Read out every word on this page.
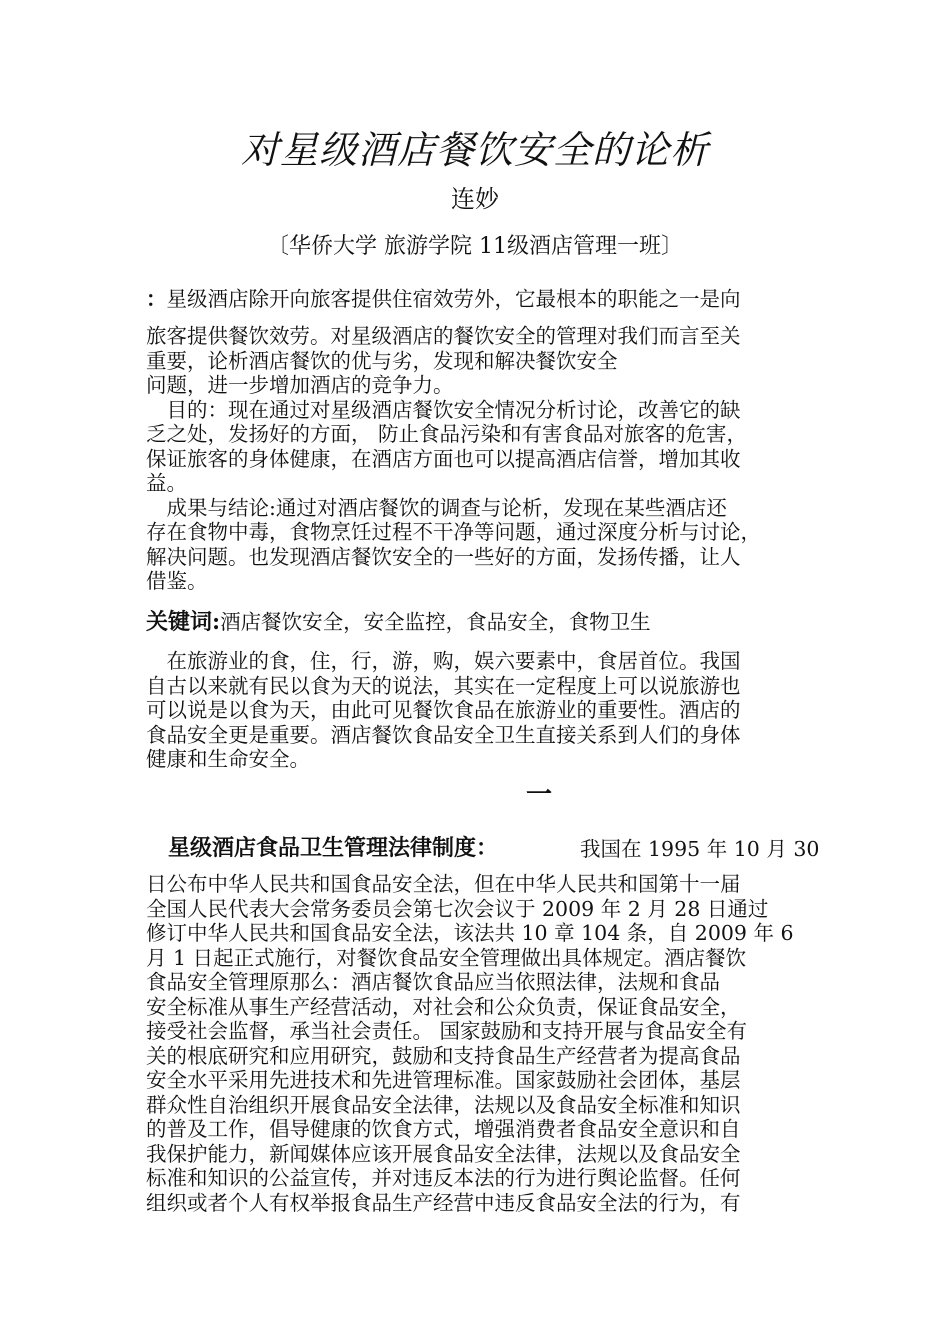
对星级酒店餐饮安全的论析
连妙
〔华侨大学 旅游学院 11级酒店管理一班〕
：星级酒店除开向旅客提供住宿效劳外，它最根本的职能之一是向
旅客提供餐饮效劳。对星级酒店的餐饮安全的管理对我们而言至关
重要，论析酒店餐饮的优与劣，发现和解决餐饮安全
问题，进一步增加酒店的竞争力。
　目的：现在通过对星级酒店餐饮安全情况分析讨论，改善它的缺
乏之处，发扬好的方面， 防止食品污染和有害食品对旅客的危害，
保证旅客的身体健康，在酒店方面也可以提高酒店信誉，增加其收
益。
　成果与结论:通过对酒店餐饮的调查与论析，发现在某些酒店还
存在食物中毒，食物烹饪过程不干净等问题，通过深度分析与讨论，
解决问题。也发现酒店餐饮安全的一些好的方面，发扬传播，让人
借鉴。
关键词:酒店餐饮安全，安全监控，食品安全，食物卫生
　在旅游业的食，住，行，游，购，娱六要素中，食居首位。我国
自古以来就有民以食为天的说法，其实在一定程度上可以说旅游也
可以说是以食为天，由此可见餐饮食品在旅游业的重要性。酒店的
食品安全更是重要。酒店餐饮食品安全卫生直接关系到人们的身体
健康和生命安全。
一
星级酒店食品卫生管理法律制度：	我国在 1995 年 10 月 30
日公布中华人民共和国食品安全法，但在中华人民共和国第十一届
全国人民代表大会常务委员会第七次会议于 2009 年 2 月 28 日通过
修订中华人民共和国食品安全法，该法共 10 章 104 条，自 2009 年 6
月 1 日起正式施行，对餐饮食品安全管理做出具体规定。酒店餐饮
食品安全管理原那么：酒店餐饮食品应当依照法律，法规和食品
安全标准从事生产经营活动，对社会和公众负责，保证食品安全，
接受社会监督，承当社会责任。 国家鼓励和支持开展与食品安全有
关的根底研究和应用研究，鼓励和支持食品生产经营者为提高食品
安全水平采用先进技术和先进管理标准。国家鼓励社会团体，基层
群众性自治组织开展食品安全法律，法规以及食品安全标准和知识
的普及工作，倡导健康的饮食方式，增强消费者食品安全意识和自
我保护能力，新闻媒体应该开展食品安全法律，法规以及食品安全
标准和知识的公益宣传，并对违反本法的行为进行舆论监督。任何
组织或者个人有权举报食品生产经营中违反食品安全法的行为，有
